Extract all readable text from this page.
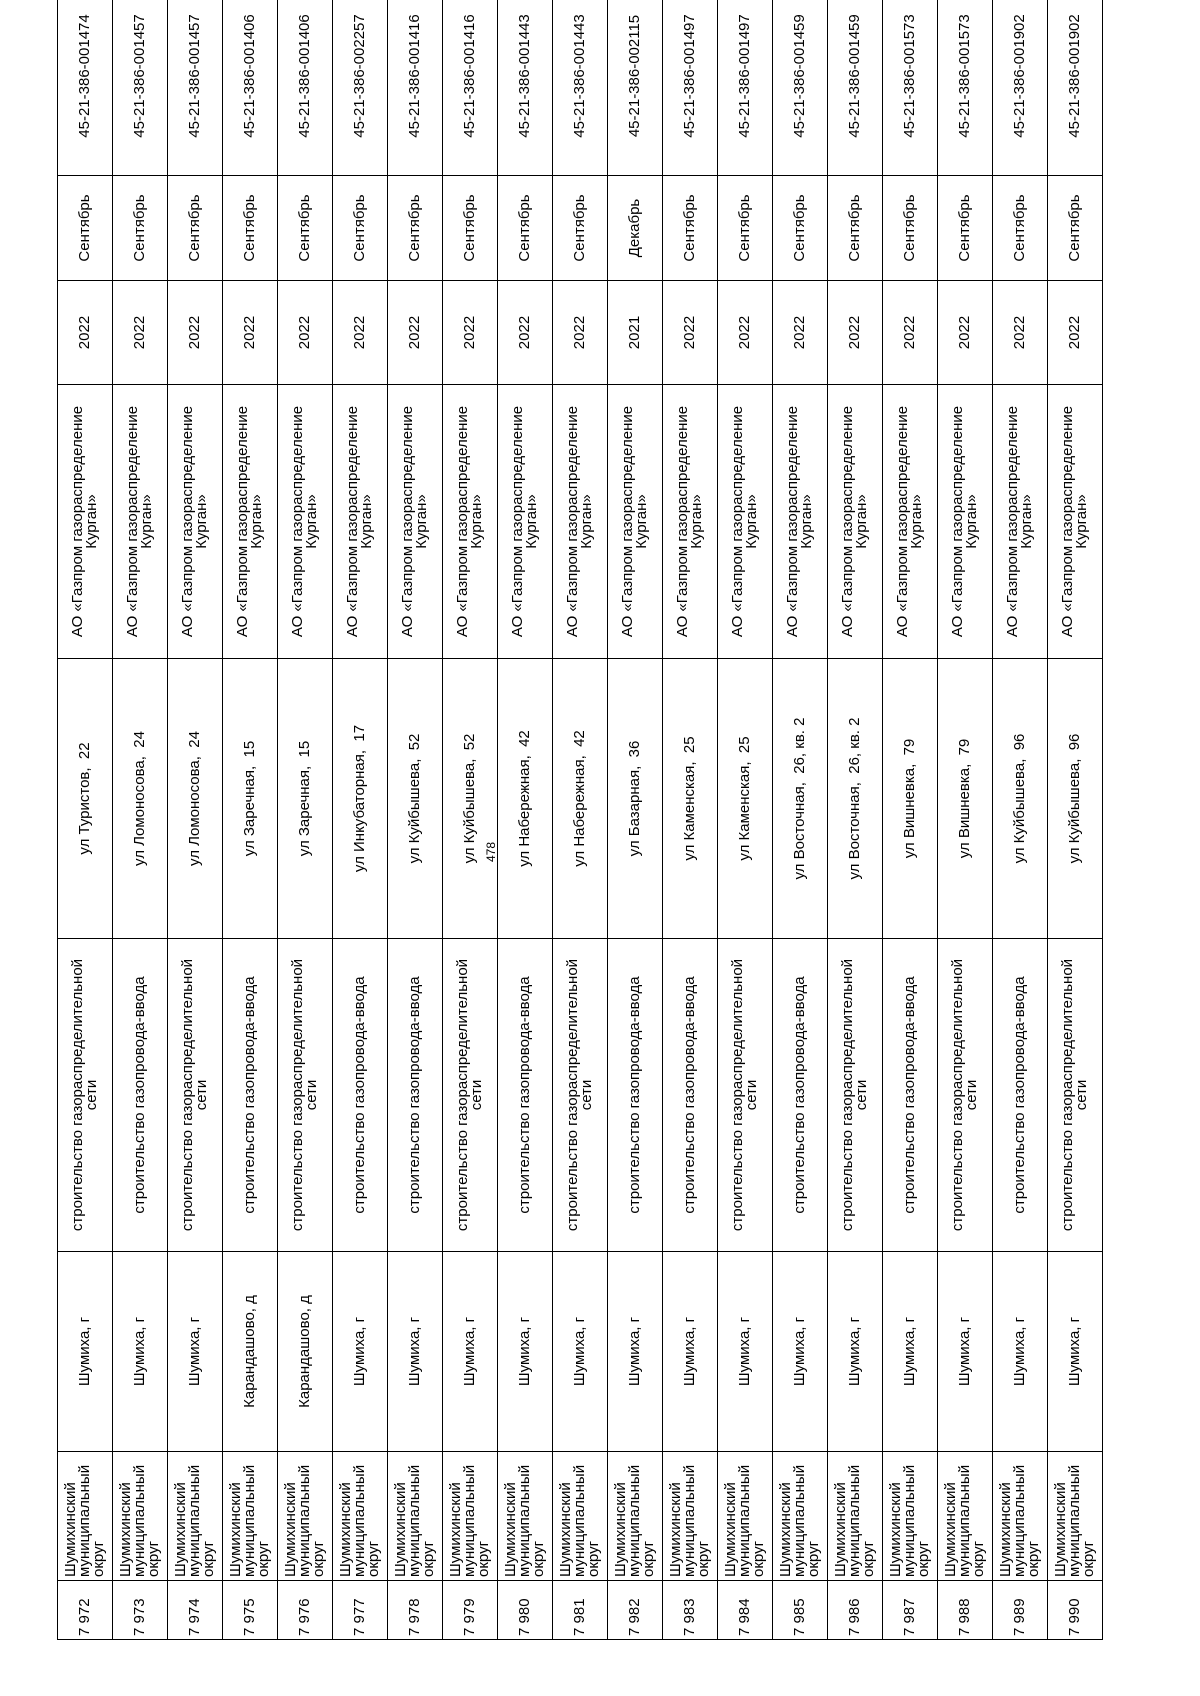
478
7 972	Шумихинский муниципальный округ	Шумиха, г	строительство газораспределительной сети	ул Туристов,  22	АО «Газпром газораспределение Курган»	2022	Сентябрь	45-21-386-001474
7 973	Шумихинский муниципальный округ	Шумиха, г	строительство газопровода-ввода	ул Ломоносова,  24	АО «Газпром газораспределение Курган»	2022	Сентябрь	45-21-386-001457
7 974	Шумихинский муниципальный округ	Шумиха, г	строительство газораспределительной сети	ул Ломоносова,  24	АО «Газпром газораспределение Курган»	2022	Сентябрь	45-21-386-001457
7 975	Шумихинский муниципальный округ	Карандашово, д	строительство газопровода-ввода	ул Заречная,  15	АО «Газпром газораспределение Курган»	2022	Сентябрь	45-21-386-001406
7 976	Шумихинский муниципальный округ	Карандашово, д	строительство газораспределительной сети	ул Заречная,  15	АО «Газпром газораспределение Курган»	2022	Сентябрь	45-21-386-001406
7 977	Шумихинский муниципальный округ	Шумиха, г	строительство газопровода-ввода	ул Инкубаторная,  17	АО «Газпром газораспределение Курган»	2022	Сентябрь	45-21-386-002257
7 978	Шумихинский муниципальный округ	Шумиха, г	строительство газопровода-ввода	ул Куйбышева,  52	АО «Газпром газораспределение Курган»	2022	Сентябрь	45-21-386-001416
7 979	Шумихинский муниципальный округ	Шумиха, г	строительство газораспределительной сети	ул Куйбышева,  52	АО «Газпром газораспределение Курган»	2022	Сентябрь	45-21-386-001416
7 980	Шумихинский муниципальный округ	Шумиха, г	строительство газопровода-ввода	ул Набережная,  42	АО «Газпром газораспределение Курган»	2022	Сентябрь	45-21-386-001443
7 981	Шумихинский муниципальный округ	Шумиха, г	строительство газораспределительной сети	ул Набережная,  42	АО «Газпром газораспределение Курган»	2022	Сентябрь	45-21-386-001443
7 982	Шумихинский муниципальный округ	Шумиха, г	строительство газопровода-ввода	ул Базарная,  36	АО «Газпром газораспределение Курган»	2021	Декабрь	45-21-386-002115
7 983	Шумихинский муниципальный округ	Шумиха, г	строительство газопровода-ввода	ул Каменская,  25	АО «Газпром газораспределение Курган»	2022	Сентябрь	45-21-386-001497
7 984	Шумихинский муниципальный округ	Шумиха, г	строительство газораспределительной сети	ул Каменская,  25	АО «Газпром газораспределение Курган»	2022	Сентябрь	45-21-386-001497
7 985	Шумихинский муниципальный округ	Шумиха, г	строительство газопровода-ввода	ул Восточная,  26, кв. 2	АО «Газпром газораспределение Курган»	2022	Сентябрь	45-21-386-001459
7 986	Шумихинский муниципальный округ	Шумиха, г	строительство газораспределительной сети	ул Восточная,  26, кв. 2	АО «Газпром газораспределение Курган»	2022	Сентябрь	45-21-386-001459
7 987	Шумихинский муниципальный округ	Шумиха, г	строительство газопровода-ввода	ул Вишневка,  79	АО «Газпром газораспределение Курган»	2022	Сентябрь	45-21-386-001573
7 988	Шумихинский муниципальный округ	Шумиха, г	строительство газораспределительной сети	ул Вишневка,  79	АО «Газпром газораспределение Курган»	2022	Сентябрь	45-21-386-001573
7 989	Шумихинский муниципальный округ	Шумиха, г	строительство газопровода-ввода	ул Куйбышева,  96	АО «Газпром газораспределение Курган»	2022	Сентябрь	45-21-386-001902
7 990	Шумихинский муниципальный округ	Шумиха, г	строительство газораспределительной сети	ул Куйбышева,  96	АО «Газпром газораспределение Курган»	2022	Сентябрь	45-21-386-001902
